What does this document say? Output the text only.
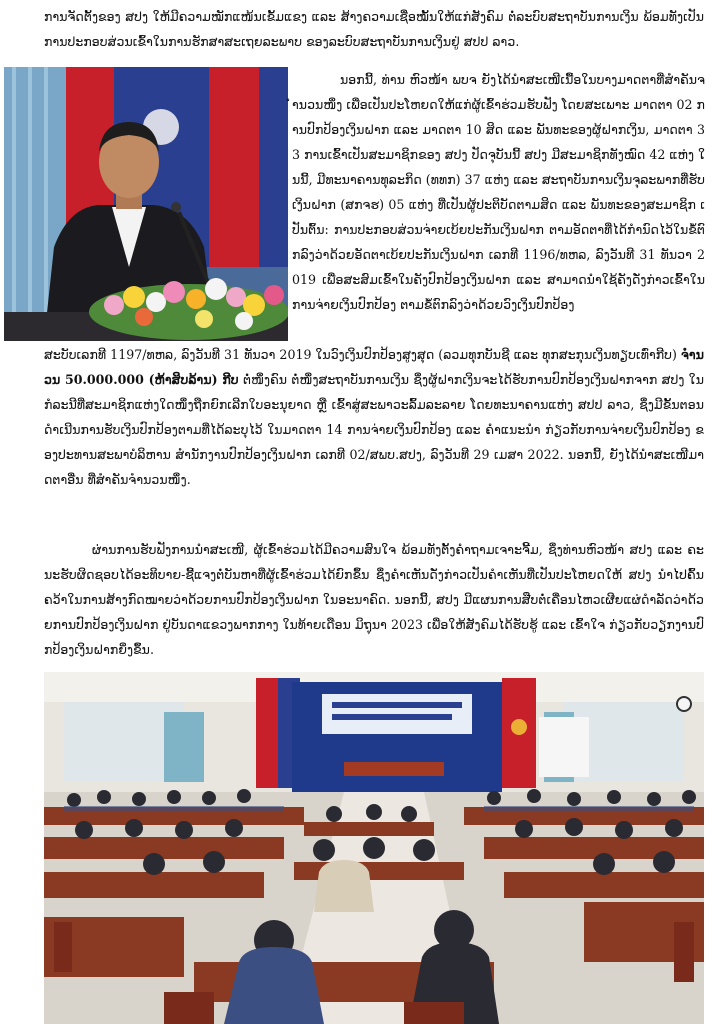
ການຈັດຕັ້ງຂອງ ສປງ ໃຫ້ມີຄວາມໝັກແໜ້ນເຂັ້ມແຂງ ແລະ ສ້າງຄວາມເຊື່ອໝັ້ນໃຫ້ແກ່ສັງຄົມ ຕໍ່ລະບົບສະຖາບັນການເງິນ ພ້ອມທັງເປັນການປະກອບສ່ວນເຂົ້າໃນການຮັກສາສະເຖຍລະພາບ ຂອງລະບົບສະຖາບັນການເງິນຢູ່ ສປປ ລາວ.

ນອກນີ້, ທ່ານ ຫົວໜ້າ ພບຈ ຍັງໄດ້ນຳສະເໜີເນື້ອໃນບາງມາດຕາທີ່ສຳຄັນຈຳນວນໜຶ່ງ ເພື່ອເປັນປະໂຫຍດໃຫ້ແກ່ຜູ້ເຂົ້າຮ່ວມຮັບຟັງ ໂດຍສະເພາະ ມາດຕາ 02 ການປົກປ້ອງເງິນຝາກ ແລະ ມາດຕາ 10 ສິດ ແລະ ພັນທະຂອງຜູ້ຝາກເງິນ, ມາດຕາ 33 ການເຂົ້າເປັນສະມາຊິກຂອງ ສປງ ປັດຈຸບັນນີ້ ສປງ ມີສະມາຊິກທັງໝົດ 42 ແຫ່ງ ໃນນີ້, ມີທະນາຄານທຸລະກິດ (ທທກ) 37 ແຫ່ງ ແລະ ສະຖາບັນການເງິນຈຸລະພາກທີ່ຮັບເງິນຝາກ (ສກຈຮ) 05 ແຫ່ງ ທີ່ເປັນຜູ້ປະຕິບັດຕາມສິດ ແລະ ພັນທະຂອງສະມາຊິກ ເປັນຕົ້ນ: ການປະກອບສ່ວນຈ່າຍເບ້ຍປະກັນເງິນຝາກ ຕາມອັດຕາທີ່ໄດ້ກຳນົດໄວ້ໃນຂໍ້ຕົກລົງວ່າດ້ວຍອັດຕາເບ້ຍປະກັນເງິນຝາກ ເລກທີ 1196/ທຫລ, ລົງວັນທີ 31 ທັນວາ 2019 ເພື່ອສະສົມເຂົ້າໃນຄັງປົກປ້ອງເງິນຝາກ ແລະ ສາມາດນຳໃຊ້ຄັງດັ່ງກ່າວເຂົ້າໃນການຈ່າຍເງິນປົກປ້ອງ ຕາມຂໍ້ຕົກລົງວ່າດ້ວຍວົງເງິນປົກປ້ອງ

ສະບັບເລກທີ 1197/ທຫລ, ລົງວັນທີ 31 ທັນວາ 2019 ໃນວົງເງິນປົກປ້ອງສູງສຸດ (ລວມທຸກບັນຊີ ແລະ ທຸກສະກຸນເງິນທຽບເທົ່າກີບ) ຈຳນວນ 50.000.000 (ຫ້າສິບລ້ານ) ກີບ ຕໍ່ໜຶ່ງຄົນ ຕໍ່ໜຶ່ງສະຖາບັນການເງິນ ຊຶ່ງຜູ້ຝາກເງິນຈະໄດ້ຮັບການປົກປ້ອງເງິນຝາກຈາກ ສປງ ໃນກໍລະນີທີ່ສະມາຊິກແຫ່ງໃດໜຶ່ງຖືກຍົກເລີກໃບອະນຸຍາດ ຫຼື ເຂົ້າສູ່ສະພາວະລົ້ມລະລາຍ ໂດຍທະນາຄານແຫ່ງ ສປປ ລາວ, ຊຶ່ງມີຂັ້ນຕອນດຳເນີນການຮັບເງິນປົກປ້ອງຕາມທີ່ໄດ້ລະບຸໄວ້ ໃນມາດຕາ 14 ການຈ່າຍເງິນປົກປ້ອງ ແລະ ຄຳແນະນຳ ກ່ຽວກັບການຈ່າຍເງິນປົກປ້ອງ ຂອງປະທານສະພາບໍລິຫານ ສຳນັກງານປົກປ້ອງເງິນຝາກ ເລກທີ 02/ສພບ.ສປງ, ລົງວັນທີ 29 ເມສາ 2022. ນອກນີ້, ຍັງໄດ້ນຳສະເໜີມາດຕາອື່ນ ທີ່ສຳຄັນຈຳນວນໜຶ່ງ.

ຜ່ານການຮັບຟັງການນຳສະເໜີ, ຜູ້ເຂົ້າຮ່ວມໄດ້ມີຄວາມສົນໃຈ ພ້ອມທັງຕັ້ງຄຳຖາມເຈາະຈີ້ມ, ຊຶ່ງທ່ານຫົວໜ້າ ສປງ ແລະ ຄະນະຮັບຜິດຊອບໄດ້ອະທິບາຍ-ຊີ້ແຈງຕໍ່ບັນຫາທີ່ຜູ້ເຂົ້າຮ່ວມໄດ້ຍົກຂຶ້ນ ຊຶ່ງຄຳເຫັນດັ່ງກ່າວເປັນຄຳເຫັນທີ່ເປັນປະໂຫຍດໃຫ້ ສປງ ນຳໄປຄົ້ນຄວ້າໃນການສ້າງກົດໝາຍວ່າດ້ວຍການປົກປ້ອງເງິນຝາກ ໃນອະນາຄົດ. ນອກນີ້, ສປງ ມີແຜນການສືບຕໍ່ເຄື່ອນໄຫວເຜີຍແຜ່ດຳລັດວ່າດ້ວຍການປົກປ້ອງເງິນຝາກ ຢູ່ບັນດາແຂວງພາກກາງ ໃນທ້າຍເດືອນ ມິຖຸນາ 2023 ເພື່ອໃຫ້ສັງຄົມໄດ້ຮັບຮູ້ ແລະ ເຂົ້າໃຈ ກ່ຽວກັບວຽກງານປົກປ້ອງເງິນຝາກຍິ່ງຂຶ້ນ.
